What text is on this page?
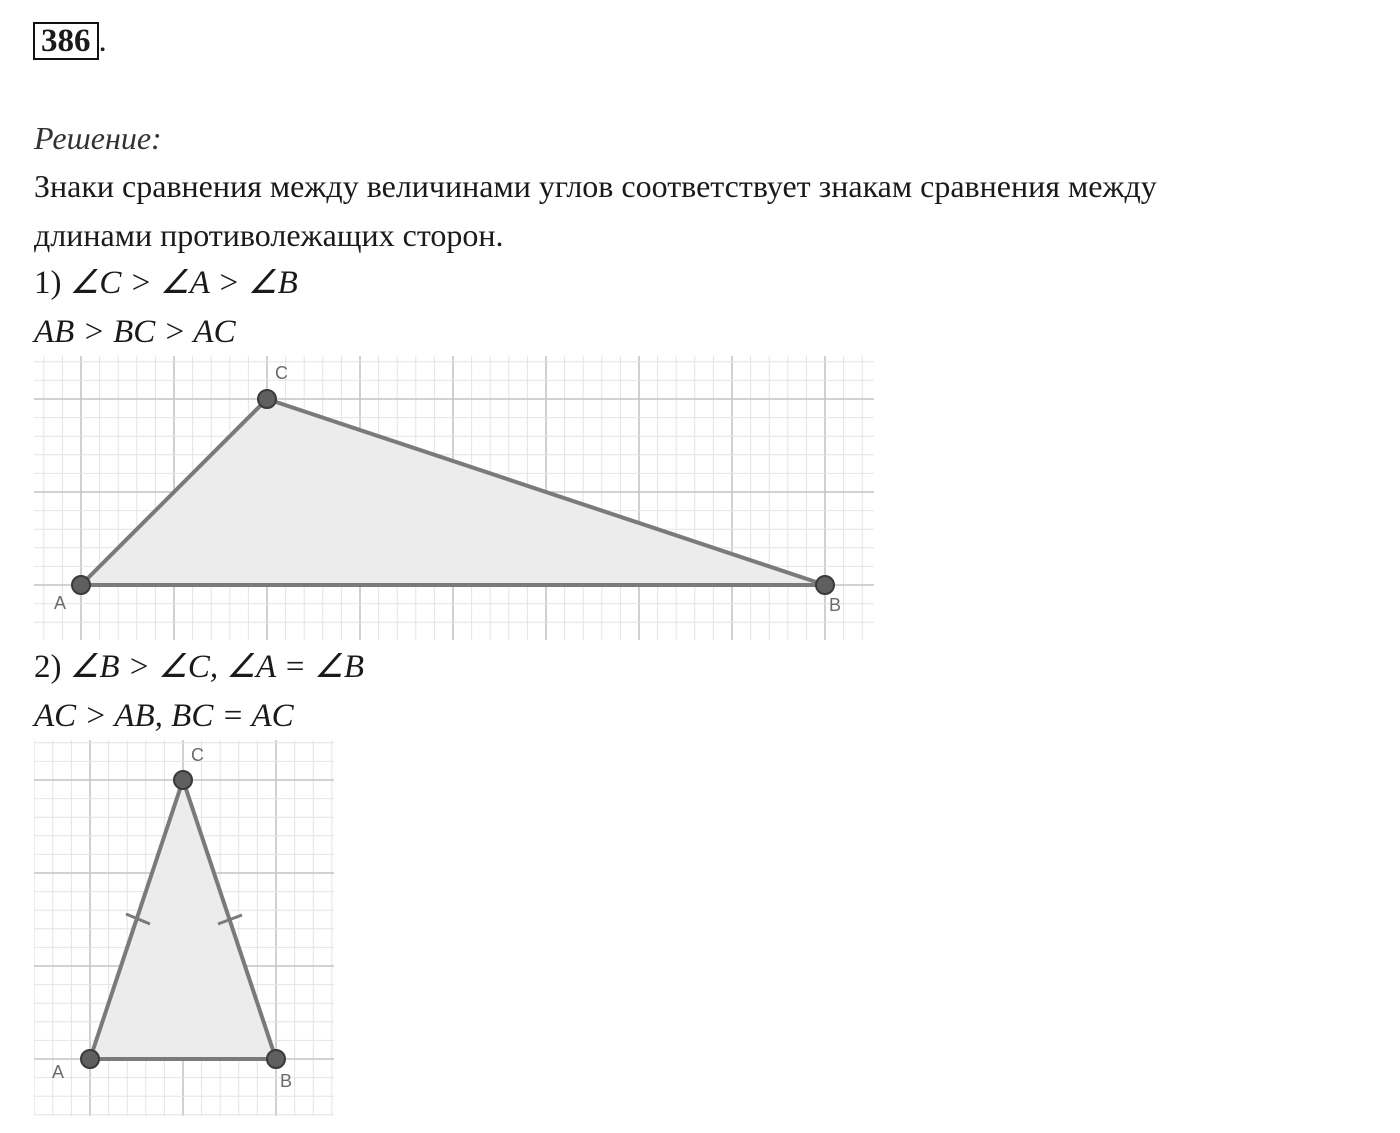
386 .
Решение:
Знаки сравнения между величинами углов соответствует знакам сравнения между
длинами противолежащих сторон.
1) ∠C > ∠A > ∠B
AB > BC > AC
A
C
B
2) ∠B > ∠C, ∠A = ∠B
AC > AB, BC = AC
A
C
B
